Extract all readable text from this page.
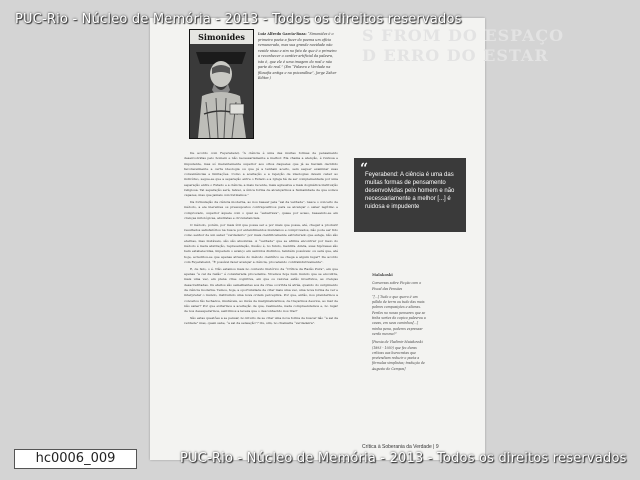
S FROM DO ESPAÇO
D ERRO DO ESTAR
Simonides	Luiz Alfredo Garcia-Roza: “Simonides é o primeiro poeta a fazer do poema um ofício remunerado, mas sua grande novidade não reside nisso e sim no fato de que é o primeiro a reconhecer o caráter artificial da palavra, isto é, que ele é uma imagem do real e não parte do real.” (Em “Palavra e Verdade na filosofia antiga e na psicanálise”, Jorge Zahar Editor.)

De acordo com Feyerabend, “A ciência é uma das muitas formas de pensamento desenvolvidas pelo homem e não necessariamente a melhor. Ela chama a atenção, é ruidosa e impudente, mas só inerentemente superior aos olhos daqueles que já se haviam decidido favoravelmente a certa ideologia ou que já a tenham aceito, sem sequer examinar suas conveniências e limitações. Como a aceitação e a rejeição de ideologias devem caber ao indivíduo, segue-se que a separação entre o Estado e a Igreja há de ser complementada por uma separação entre o Estado e a ciência, a mais recente, mais agressiva e mais dogmática instituição religiosa. Tal separação será, talvez, a única forma de alcançarmos a humanidade de que somos capazes, mas que jamais concretizamos.”

Da formulação da ciência moderna, ao nos basear pela “sal da verdade”, nasce o conceito de método, a ele inerentes os pressupostos contrapositivos para se alcançar o saber legítimo e comprovado, superior àquele com o qual se “esbarrava”, quase por acaso, baseando-se em crenças mitológicas, abstratas e circunstanciais.

O método, porém, por mais útil que possa ser e por mais que possa, até, chegar a produzir resultados satisfatórios na busca por entendimentos mundanos e comprovados, não pode ser tido como senhor de um saber “verdadeiro” por mais cientificamente estruturado que esteja, não são eternas, mas mutáveis, são são absolutas. A “verdade” que se afirma encontrar por meio do método é mera abstração, representação, ilusão; é, no fundo, mentira. Ainda, suas hipóteses são bem estabelecidas, impedem o avanço em sentidos distintos, também possíveis: ou será que, até hoje, acreditou-se que apenas através do método científico se chega a algum lugar? De acordo com Feyerabend, “É possível fazer avançar a ciência, procedendo contraindutivamente”.

E, de fato, o é. Não estamos mais no contexto histórico da “Crítica da Razão Pura”, em que apenas “a cal da razão” é considerada procedente. Vivemos hoje num mundo que se encontra, mais uma vez, em plena crise cognitiva, em que os valores estão invertidos, as crenças desacreditadas. Os efeitos são semelhantes aos da crise ocorrida lá atrás, quando do surgimento da ciência moderna. Temos, hoje, a oportunidade de criar mais uma vez, uma nova forma de ver e interpretar o mundo, instituindo uma nova ordem perceptiva. Por que, então, nos prendermos a conceitos tão fechados, imutáveis, ao invés de marginalizarmos, de traçarmos desvios, ao mar de não saber? Por que evitarmos a aceitação de que, realmente, nada compreendemos e, no lugar de nos desesperarmos, sentirmos a leveza que o desconhecido nos traz?

São estas questões a se pensar, no intuito de se criar uma nova forma de buscar não “a sal da verdade” mas, quem sabe, “a sal da sensação”? Ou, sim, no chamaria “verdadeira”.

“
Feyerabend: A ciência é uma das muitas formas de pensamento desenvolvidas pelo homem e não necessariamente a melhor [...] é ruidosa e impudente

Malakoski

Conversas sobre Ficção com o Fiscal das Pensões

“[...] Tudo o que quero é um pálido de terra ou tudo das mais pobres composições e alienas. Perdes no nosso pensares que se tinha sortes do copico palavrou a cavas, em seus caminhos[...] minha pena, poderes expressar verdo mesmo?”

[Poesia de Vladimir Maiakovski (1893 - 1930) que fez duras críticas aos burocratas que pretendiam reduzir o poeta a fórmulas simplistas; tradução de Augusto de Campos]

Crítica à Soberania da Verdade | 9
PUC-Rio - Núcleo de Memória - 2013 - Todos os direitos reservados
PUC-Rio - Núcleo de Memória - 2013 - Todos os direitos reservados
hc0006_009
